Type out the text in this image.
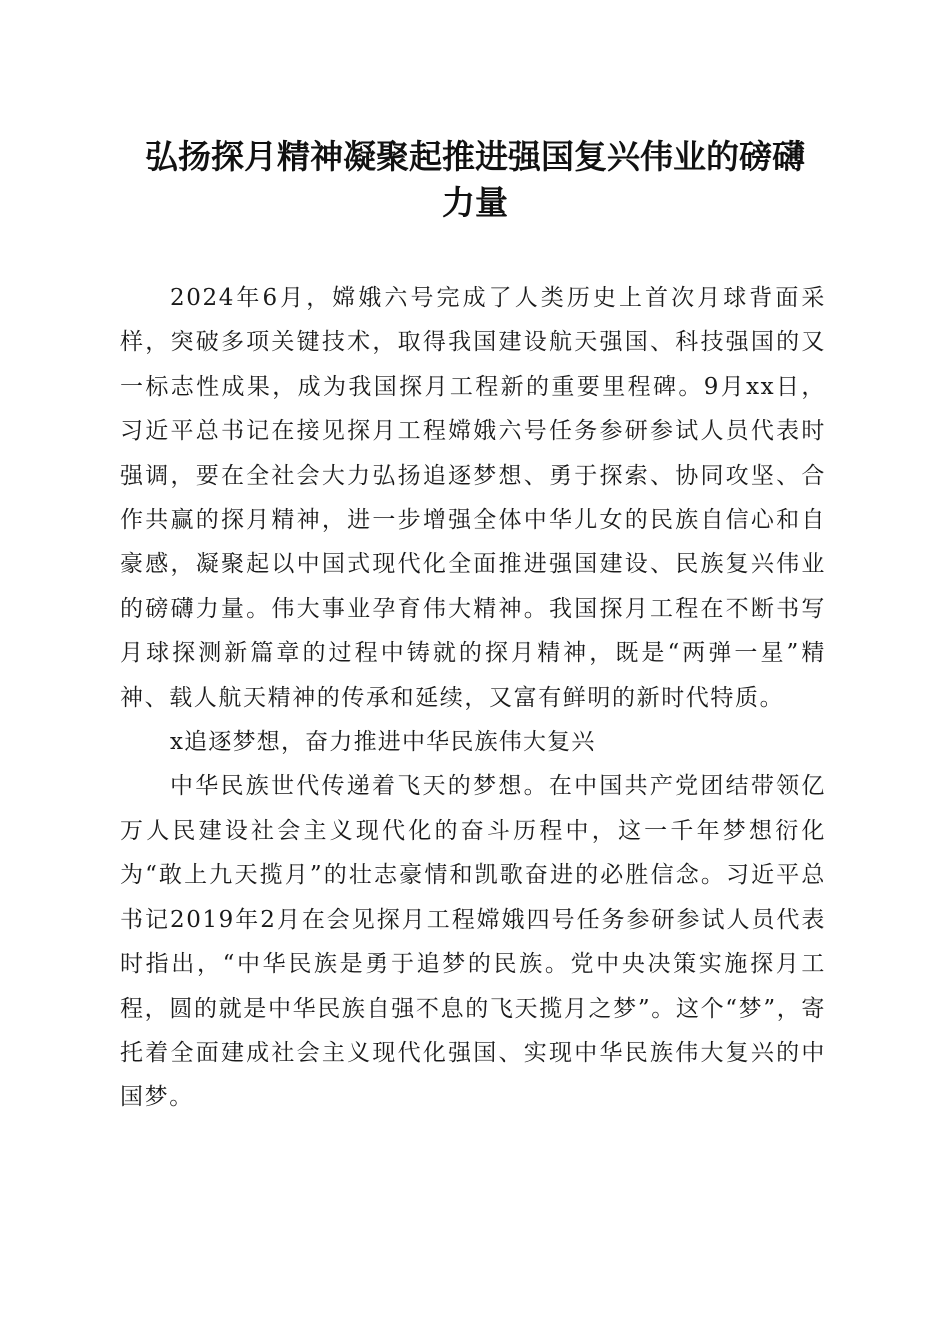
弘扬探月精神凝聚起推进强国复兴伟业的磅礴
力量

2024年6月，嫦娥六号完成了人类历史上首次月球背面采样，突破多项关键技术，取得我国建设航天强国、科技强国的又一标志性成果，成为我国探月工程新的重要里程碑。9月xx日，习近平总书记在接见探月工程嫦娥六号任务参研参试人员代表时强调，要在全社会大力弘扬追逐梦想、勇于探索、协同攻坚、合作共赢的探月精神，进一步增强全体中华儿女的民族自信心和自豪感，凝聚起以中国式现代化全面推进强国建设、民族复兴伟业的磅礴力量。伟大事业孕育伟大精神。我国探月工程在不断书写月球探测新篇章的过程中铸就的探月精神，既是“两弹一星”精神、载人航天精神的传承和延续，又富有鲜明的新时代特质。

x追逐梦想，奋力推进中华民族伟大复兴

中华民族世代传递着飞天的梦想。在中国共产党团结带领亿万人民建设社会主义现代化的奋斗历程中，这一千年梦想衍化为“敢上九天揽月”的壮志豪情和凯歌奋进的必胜信念。习近平总书记2019年2月在会见探月工程嫦娥四号任务参研参试人员代表时指出，“中华民族是勇于追梦的民族。党中央决策实施探月工程，圆的就是中华民族自强不息的飞天揽月之梦”。这个“梦”，寄托着全面建成社会主义现代化强国、实现中华民族伟大复兴的中国梦。
